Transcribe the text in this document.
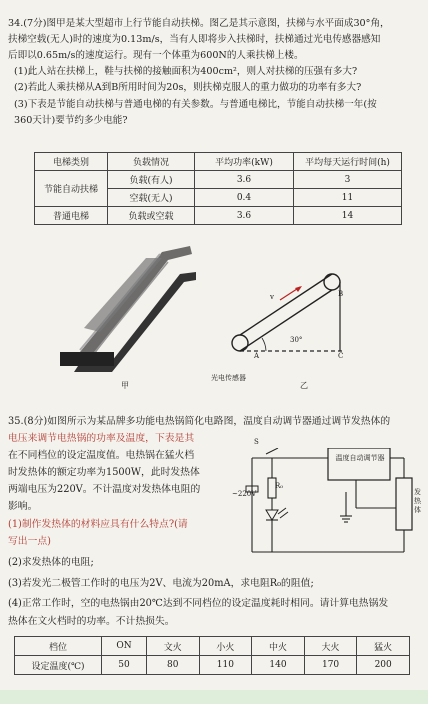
34.(7分)图甲是某大型超市上行节能自动扶梯。图乙是其示意图，扶梯与水平面成30°角，
扶梯空载(无人)时的速度为0.13m/s，当有人即将步入扶梯时，扶梯通过光电传感器感知
后即以0.65m/s的速度运行。现有一个体重为600N的人乘扶梯上楼。
(1)此人站在扶梯上，鞋与扶梯的接触面积为400cm²，则人对扶梯的压强有多大?
(2)若此人乘扶梯从A到B所用时间为20s，则扶梯克服人的重力做功的功率有多大?
(3)下表是节能自动扶梯与普通电梯的有关参数。与普通电梯比，节能自动扶梯一年(按
360天计)要节约多少电能?
电梯类别	负载情况	平均功率(kW)	平均每天运行时间(h)
节能自动扶梯	负载(有人)	3.6	3
	空载(无人)	0.4	11
普通电梯	负载或空载	3.6	14
甲
v	B
30°
A	C
光电传感器
乙
35.(8分)如图所示为某品牌多功能电热锅简化电路图，温度自动调节器通过调节发热体的
电压来调节电热锅的功率及温度，下表是其
在不同档位的设定温度值。电热锅在猛火档
时发热体的额定功率为1500W，此时发热体
两端电压为220V。不计温度对发热体电阻的
影响。
(1)制作发热体的材料应具有什么特点?(请
写出一点)
(2)求发热体的电阻;
(3)若发光二极管工作时的电压为2V、电流为20mA，求电阻R₀的阻值;
(4)正常工作时，空的电热锅由20℃达到不同档位的设定温度耗时相同。请计算电热锅发
热体在文火档时的功率。不计热损失。
S
R₀
~220V
温度自动调节器
发热体
档位	ON	文火	小火	中火	大火	猛火
设定温度(℃)	50	80	110	140	170	200
